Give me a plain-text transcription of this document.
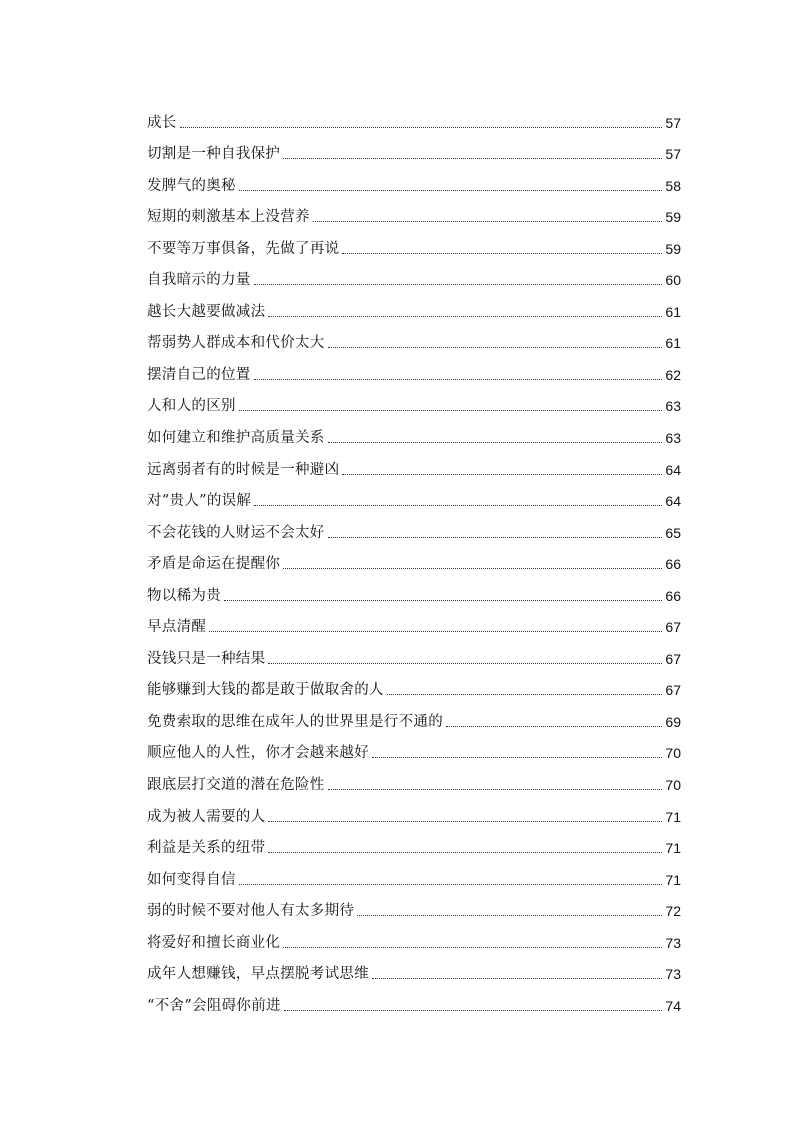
成长	57
切割是一种自我保护	57
发脾气的奥秘	58
短期的刺激基本上没营养	59
不要等万事俱备，先做了再说	59
自我暗示的力量	60
越长大越要做减法	61
帮弱势人群成本和代价太大	61
摆清自己的位置	62
人和人的区别	63
如何建立和维护高质量关系	63
远离弱者有的时候是一种避凶	64
对“贵人”的误解	64
不会花钱的人财运不会太好	65
矛盾是命运在提醒你	66
物以稀为贵	66
早点清醒	67
没钱只是一种结果	67
能够赚到大钱的都是敢于做取舍的人	67
免费索取的思维在成年人的世界里是行不通的	69
顺应他人的人性，你才会越来越好	70
跟底层打交道的潜在危险性	70
成为被人需要的人	71
利益是关系的纽带	71
如何变得自信	71
弱的时候不要对他人有太多期待	72
将爱好和擅长商业化	73
成年人想赚钱，早点摆脱考试思维	73
“不舍”会阻碍你前进	74
